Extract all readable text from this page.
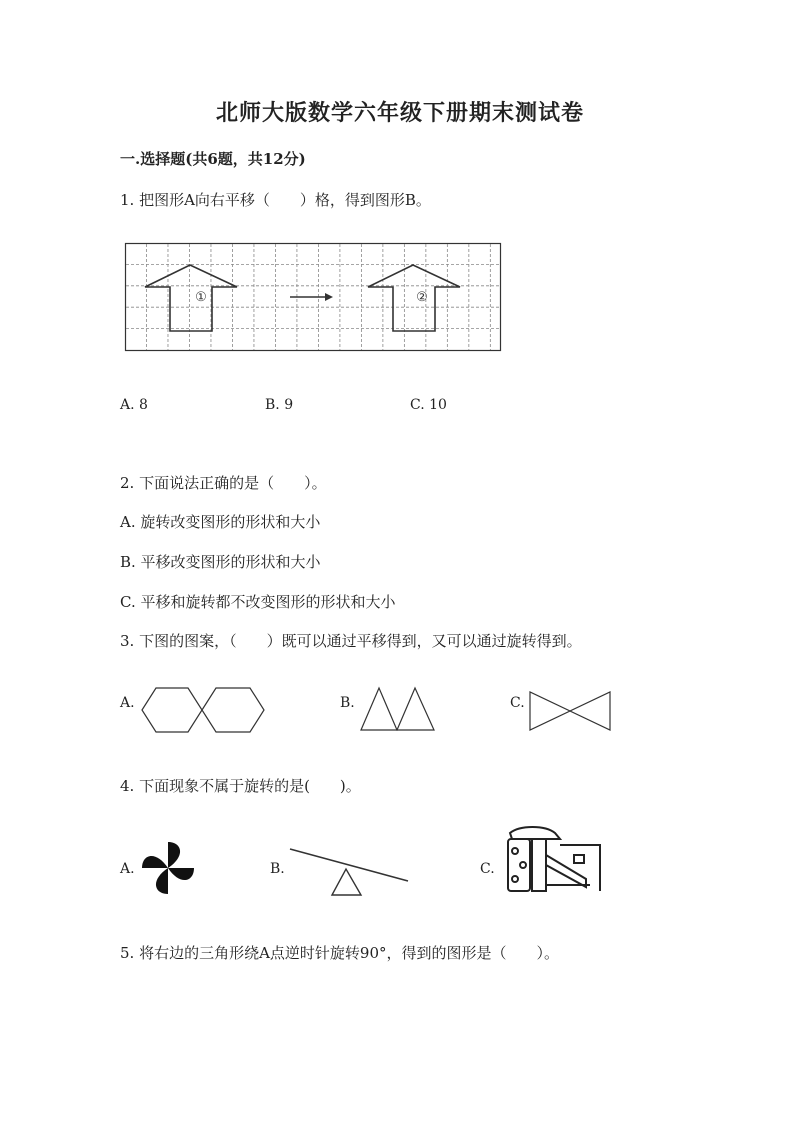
北师大版数学六年级下册期末测试卷
一.选择题(共6题，共12分)
1. 把图形A向右平移（　　）格，得到图形B。
①	②
A. 8	B. 9	C. 10
2. 下面说法正确的是（　　）。
A. 旋转改变图形的形状和大小
B. 平移改变图形的形状和大小
C. 平移和旋转都不改变图形的形状和大小
3. 下图的图案，（　　）既可以通过平移得到，又可以通过旋转得到。
A.	B.	C.
4. 下面现象不属于旋转的是(　　)。
A.	B.	C.
5. 将右边的三角形绕A点逆时针旋转90°，得到的图形是（　　）。
